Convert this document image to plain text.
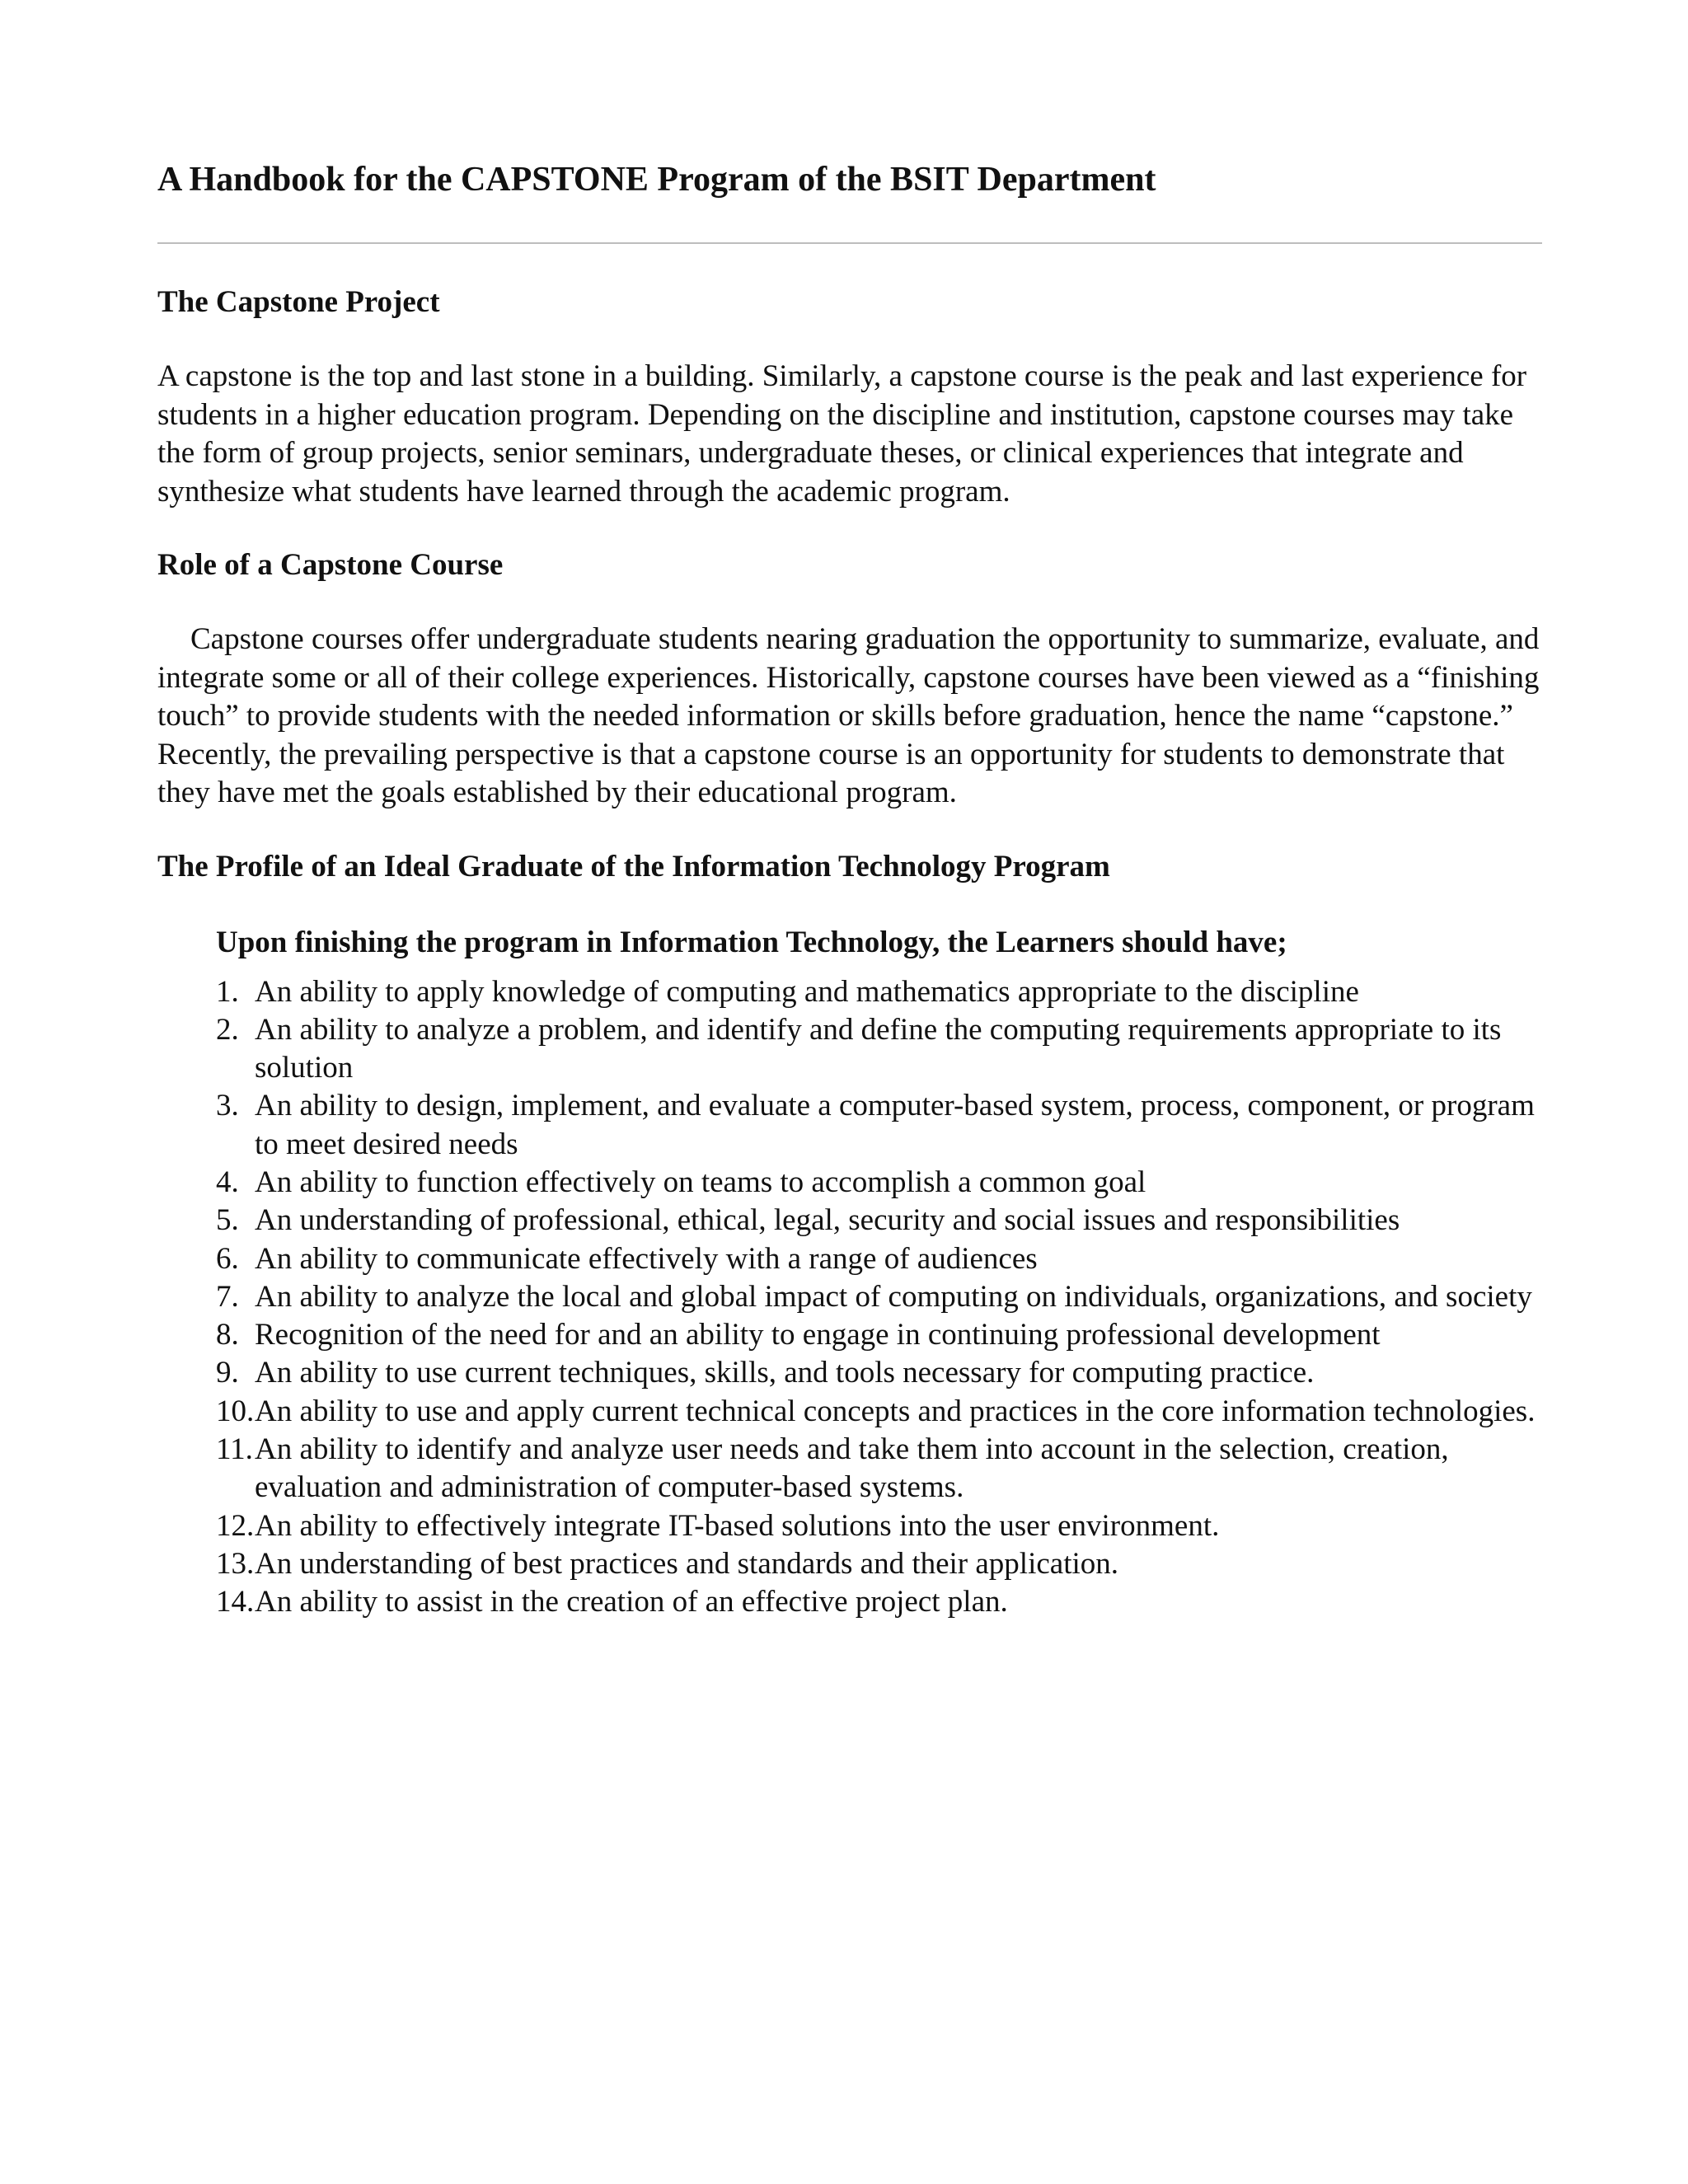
A Handbook for the CAPSTONE Program of the BSIT Department
The Capstone Project

A capstone is the top and last stone in a building. Similarly, a capstone course is the peak and last experience for students in a higher education program. Depending on the discipline and institution, capstone courses may take the form of group projects, senior seminars, undergraduate theses, or clinical experiences that integrate and synthesize what students have learned through the academic program.

Role of a Capstone Course

Capstone courses offer undergraduate students nearing graduation the opportunity to summarize, evaluate, and integrate some or all of their college experiences. Historically, capstone courses have been viewed as a “finishing touch” to provide students with the needed information or skills before graduation, hence the name “capstone.” Recently, the prevailing perspective is that a capstone course is an opportunity for students to demonstrate that they have met the goals established by their educational program.

The Profile of an Ideal Graduate of the Information Technology Program

Upon finishing the program in Information Technology, the Learners should have;

1. An ability to apply knowledge of computing and mathematics appropriate to the discipline
2. An ability to analyze a problem, and identify and define the computing requirements appropriate to its solution
3. An ability to design, implement, and evaluate a computer-based system, process, component, or program to meet desired needs
4. An ability to function effectively on teams to accomplish a common goal
5. An understanding of professional, ethical, legal, security and social issues and responsibilities
6. An ability to communicate effectively with a range of audiences
7. An ability to analyze the local and global impact of computing on individuals, organizations, and society
8. Recognition of the need for and an ability to engage in continuing professional development
9. An ability to use current techniques, skills, and tools necessary for computing practice.
10. An ability to use and apply current technical concepts and practices in the core information technologies.
11. An ability to identify and analyze user needs and take them into account in the selection, creation, evaluation and administration of computer-based systems.
12. An ability to effectively integrate IT-based solutions into the user environment.
13. An understanding of best practices and standards and their application.
14. An ability to assist in the creation of an effective project plan.
